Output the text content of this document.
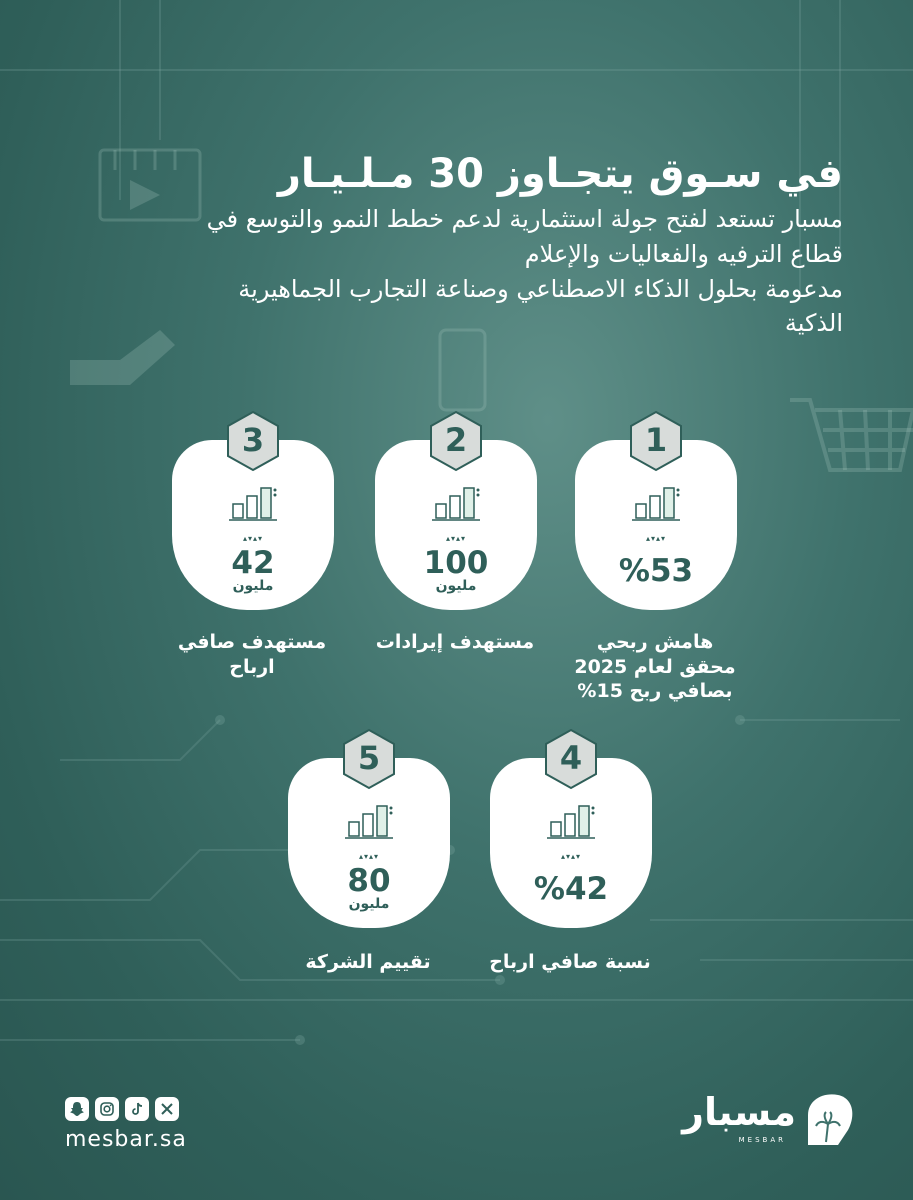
في سـوق يتجـاوز 30 مـلـيـار

مسبار تستعد لفتح جولة استثمارية لدعم خطط النمو والتوسع في

قطاع الترفيه والفعاليات والإعلام

مدعومة بحلول الذكاء الاصطناعي وصناعة التجارب الجماهيرية

الذكية

1
▴▾▴▾
%53
هامش ربحي
محقق لعام 2025
بصافي ربح 15%
2
▴▾▴▾
100
مليون
مستهدف إيرادات
3
▴▾▴▾
42
مليون
مستهدف صافي
ارباح
4
▴▾▴▾
%42
نسبة صافي ارباح
5
▴▾▴▾
80
مليون
تقييم الشركة
mesbar.sa
مسبار
MESBAR
